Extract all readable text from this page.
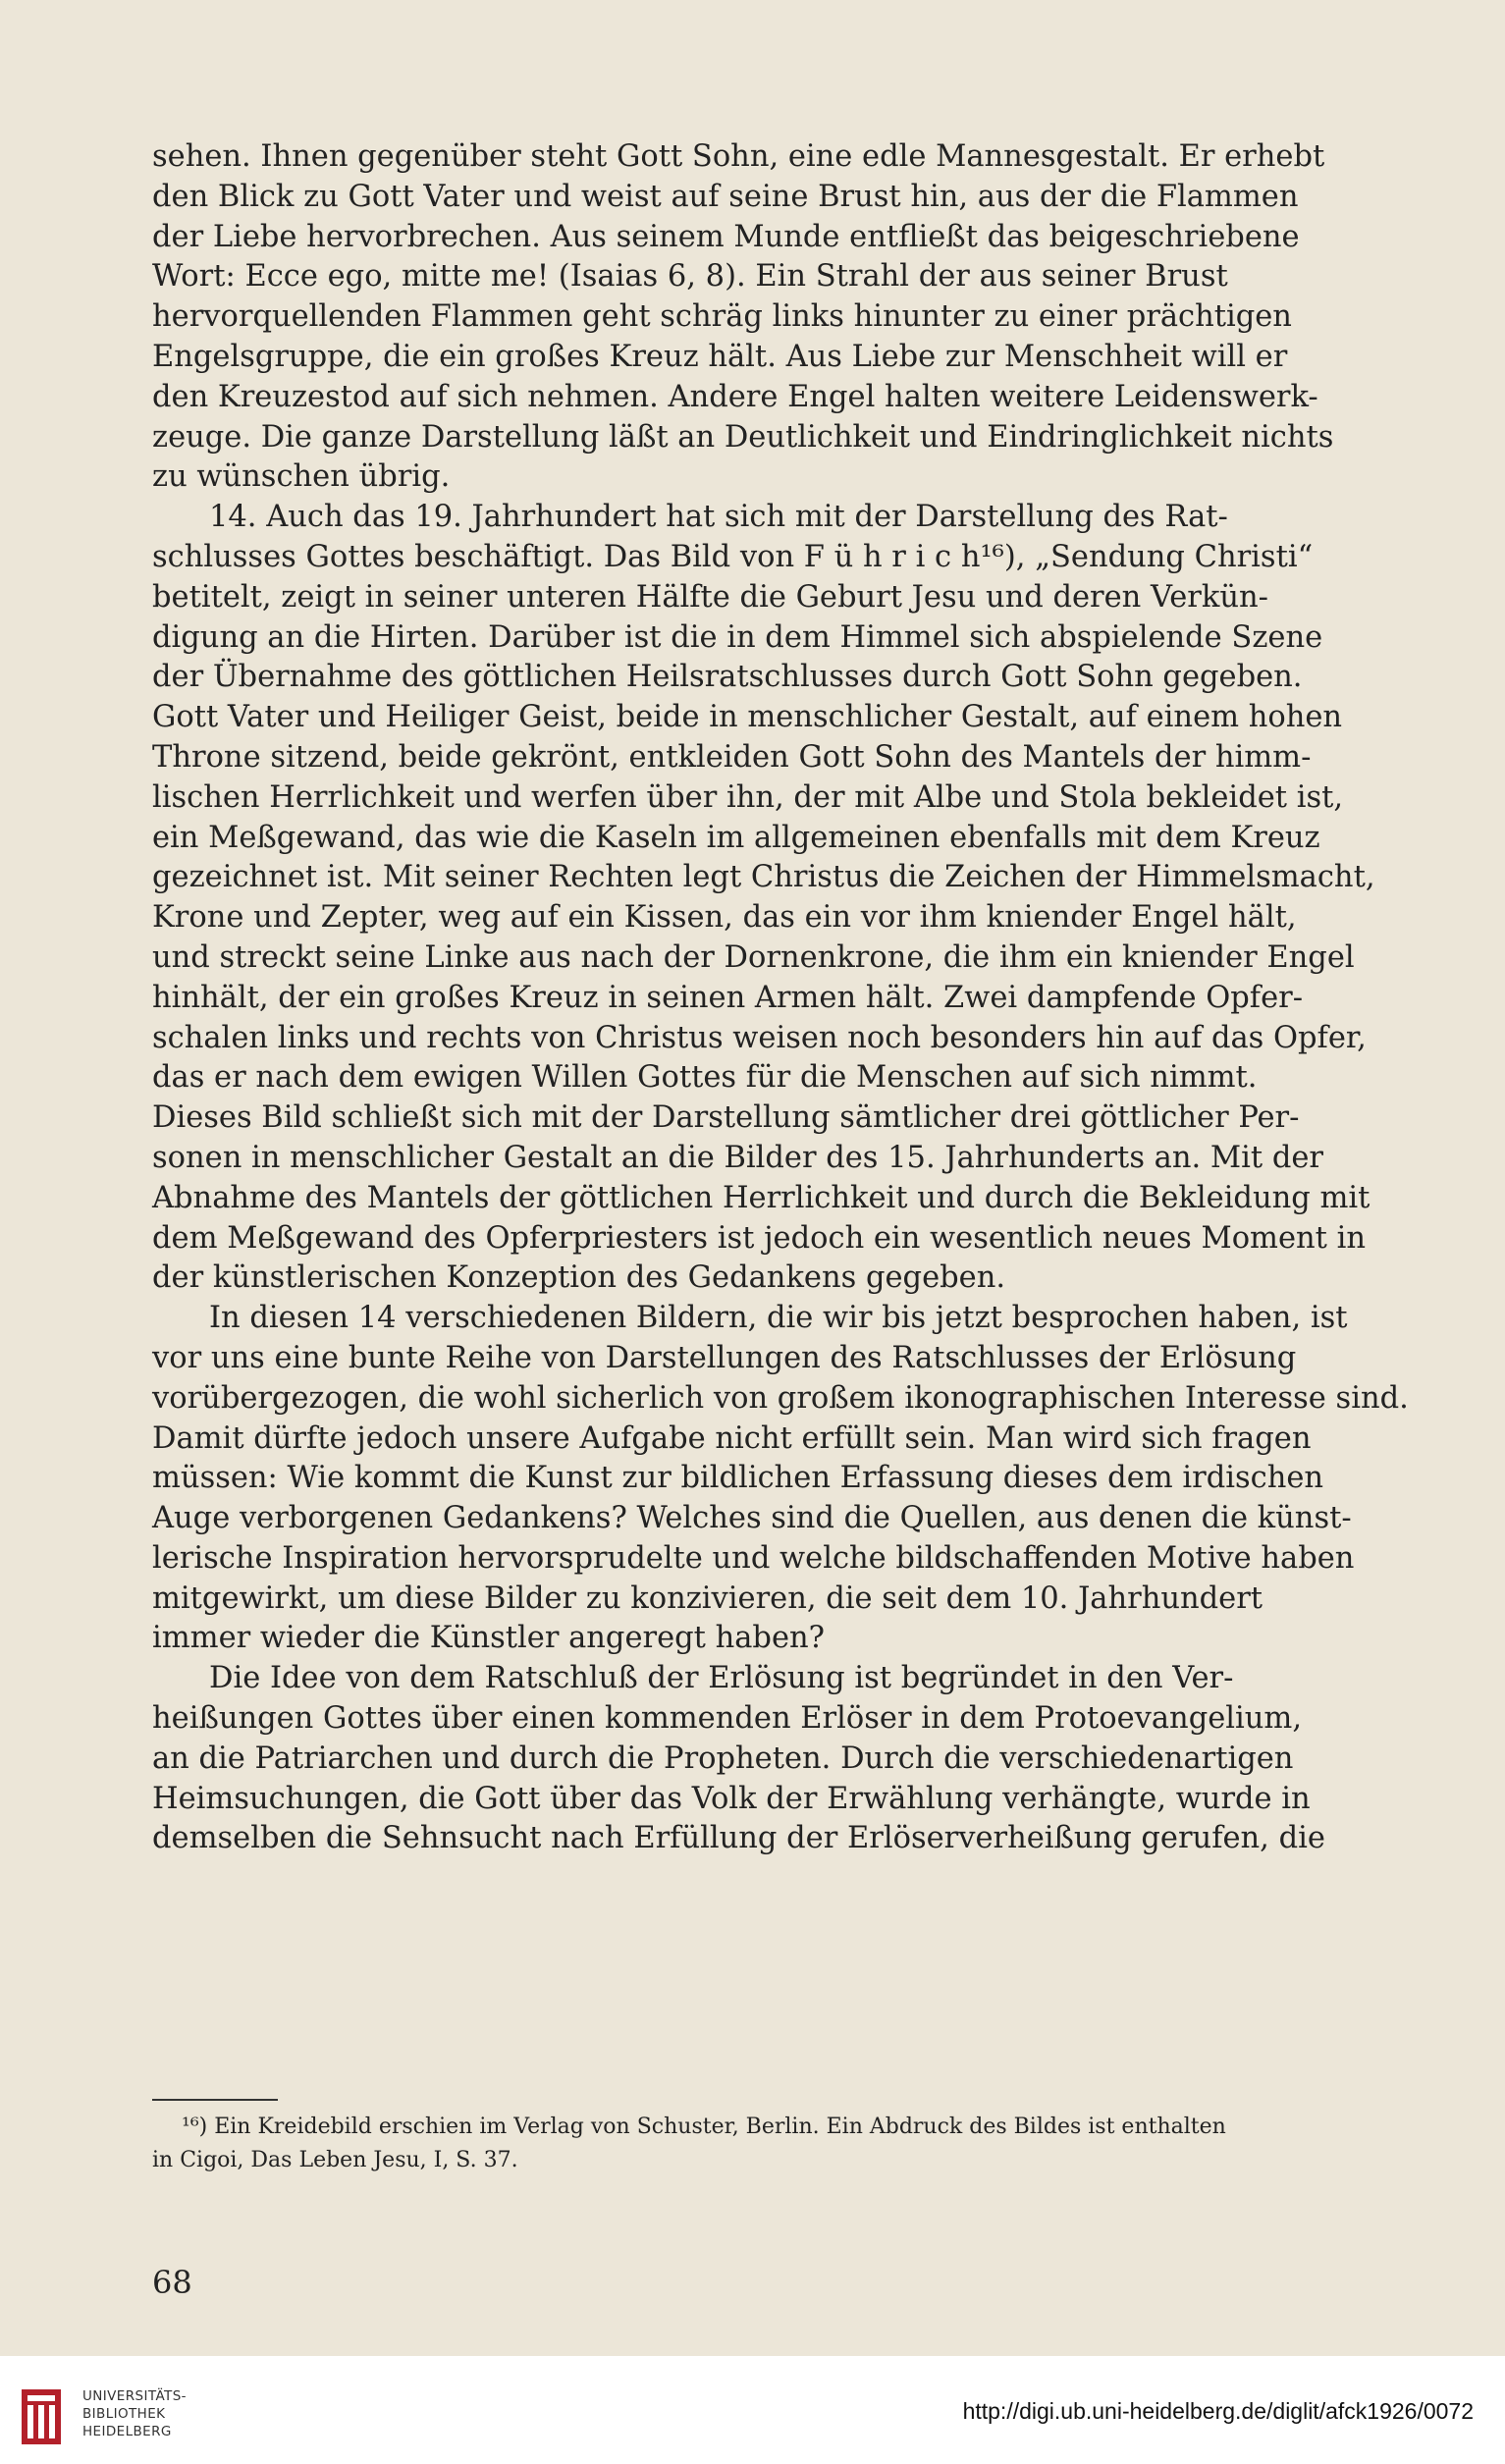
sehen. Ihnen gegenüber steht Gott Sohn, eine edle Mannesgestalt. Er erhebt
den Blick zu Gott Vater und weist auf seine Brust hin, aus der die Flammen
der Liebe hervorbrechen. Aus seinem Munde entfließt das beigeschriebene
Wort: Ecce ego, mitte me! (Isaias 6, 8). Ein Strahl der aus seiner Brust
hervorquellenden Flammen geht schräg links hinunter zu einer prächtigen
Engelsgruppe, die ein großes Kreuz hält. Aus Liebe zur Menschheit will er
den Kreuzestod auf sich nehmen. Andere Engel halten weitere Leidenswerk-
zeuge. Die ganze Darstellung läßt an Deutlichkeit und Eindringlichkeit nichts
zu wünschen übrig.
14. Auch das 19. Jahrhundert hat sich mit der Darstellung des Rat-
schlusses Gottes beschäftigt. Das Bild von F ü h r i c h¹⁶), „Sendung Christi“
betitelt, zeigt in seiner unteren Hälfte die Geburt Jesu und deren Verkün-
digung an die Hirten. Darüber ist die in dem Himmel sich abspielende Szene
der Übernahme des göttlichen Heilsratschlusses durch Gott Sohn gegeben.
Gott Vater und Heiliger Geist, beide in menschlicher Gestalt, auf einem hohen
Throne sitzend, beide gekrönt, entkleiden Gott Sohn des Mantels der himm-
lischen Herrlichkeit und werfen über ihn, der mit Albe und Stola bekleidet ist,
ein Meßgewand, das wie die Kaseln im allgemeinen ebenfalls mit dem Kreuz
gezeichnet ist. Mit seiner Rechten legt Christus die Zeichen der Himmelsmacht,
Krone und Zepter, weg auf ein Kissen, das ein vor ihm kniender Engel hält,
und streckt seine Linke aus nach der Dornenkrone, die ihm ein kniender Engel
hinhält, der ein großes Kreuz in seinen Armen hält. Zwei dampfende Opfer-
schalen links und rechts von Christus weisen noch besonders hin auf das Opfer,
das er nach dem ewigen Willen Gottes für die Menschen auf sich nimmt.
Dieses Bild schließt sich mit der Darstellung sämtlicher drei göttlicher Per-
sonen in menschlicher Gestalt an die Bilder des 15. Jahrhunderts an. Mit der
Abnahme des Mantels der göttlichen Herrlichkeit und durch die Bekleidung mit
dem Meßgewand des Opferpriesters ist jedoch ein wesentlich neues Moment in
der künstlerischen Konzeption des Gedankens gegeben.
In diesen 14 verschiedenen Bildern, die wir bis jetzt besprochen haben, ist
vor uns eine bunte Reihe von Darstellungen des Ratschlusses der Erlösung
vorübergezogen, die wohl sicherlich von großem ikonographischen Interesse sind.
Damit dürfte jedoch unsere Aufgabe nicht erfüllt sein. Man wird sich fragen
müssen: Wie kommt die Kunst zur bildlichen Erfassung dieses dem irdischen
Auge verborgenen Gedankens? Welches sind die Quellen, aus denen die künst-
lerische Inspiration hervorsprudelte und welche bildschaffenden Motive haben
mitgewirkt, um diese Bilder zu konzivieren, die seit dem 10. Jahrhundert
immer wieder die Künstler angeregt haben?
Die Idee von dem Ratschluß der Erlösung ist begründet in den Ver-
heißungen Gottes über einen kommenden Erlöser in dem Protoevangelium,
an die Patriarchen und durch die Propheten. Durch die verschiedenartigen
Heimsuchungen, die Gott über das Volk der Erwählung verhängte, wurde in
demselben die Sehnsucht nach Erfüllung der Erlöserverheißung gerufen, die
¹⁶) Ein Kreidebild erschien im Verlag von Schuster, Berlin. Ein Abdruck des Bildes ist enthalten
in Cigoi, Das Leben Jesu, I, S. 37.
68
UNIVERSITÄTS-
BIBLIOTHEK
HEIDELBERG
http://digi.ub.uni-heidelberg.de/diglit/afck1926/0072
